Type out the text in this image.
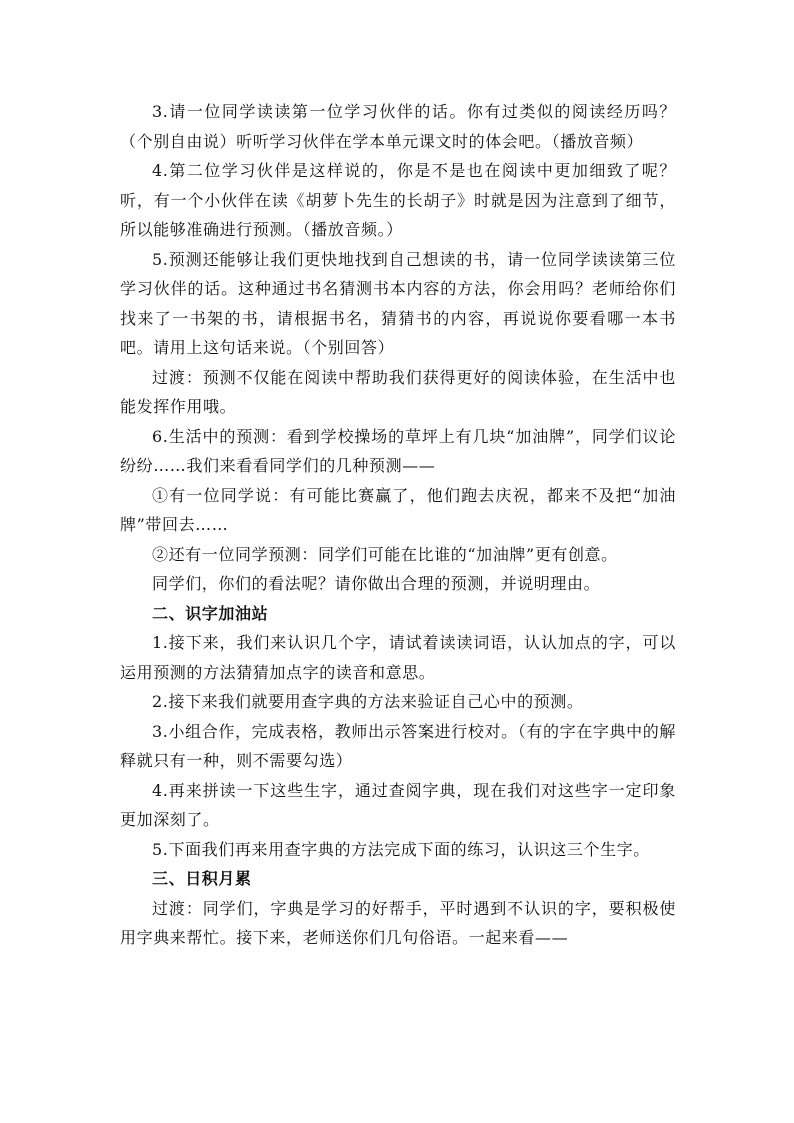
3.请一位同学读读第一位学习伙伴的话。你有过类似的阅读经历吗？（个别自由说）听听学习伙伴在学本单元课文时的体会吧。（播放音频）

4.第二位学习伙伴是这样说的，你是不是也在阅读中更加细致了呢？听，有一个小伙伴在读《胡萝卜先生的长胡子》时就是因为注意到了细节，所以能够准确进行预测。（播放音频。）

5.预测还能够让我们更快地找到自己想读的书，请一位同学读读第三位学习伙伴的话。这种通过书名猜测书本内容的方法，你会用吗？老师给你们找来了一书架的书，请根据书名，猜猜书的内容，再说说你要看哪一本书吧。请用上这句话来说。（个别回答）

过渡：预测不仅能在阅读中帮助我们获得更好的阅读体验，在生活中也能发挥作用哦。

6.生活中的预测：看到学校操场的草坪上有几块“加油牌”，同学们议论纷纷……我们来看看同学们的几种预测——

①有一位同学说：有可能比赛赢了，他们跑去庆祝，都来不及把“加油牌”带回去……

②还有一位同学预测：同学们可能在比谁的“加油牌”更有创意。

同学们，你们的看法呢？请你做出合理的预测，并说明理由。

二、识字加油站

1.接下来，我们来认识几个字，请试着读读词语，认认加点的字，可以运用预测的方法猜猜加点字的读音和意思。

2.接下来我们就要用查字典的方法来验证自己心中的预测。

3.小组合作，完成表格，教师出示答案进行校对。（有的字在字典中的解释就只有一种，则不需要勾选）

4.再来拼读一下这些生字，通过查阅字典，现在我们对这些字一定印象更加深刻了。

5.下面我们再来用查字典的方法完成下面的练习，认识这三个生字。

三、日积月累

过渡：同学们，字典是学习的好帮手，平时遇到不认识的字，要积极使用字典来帮忙。接下来，老师送你们几句俗语。一起来看——
